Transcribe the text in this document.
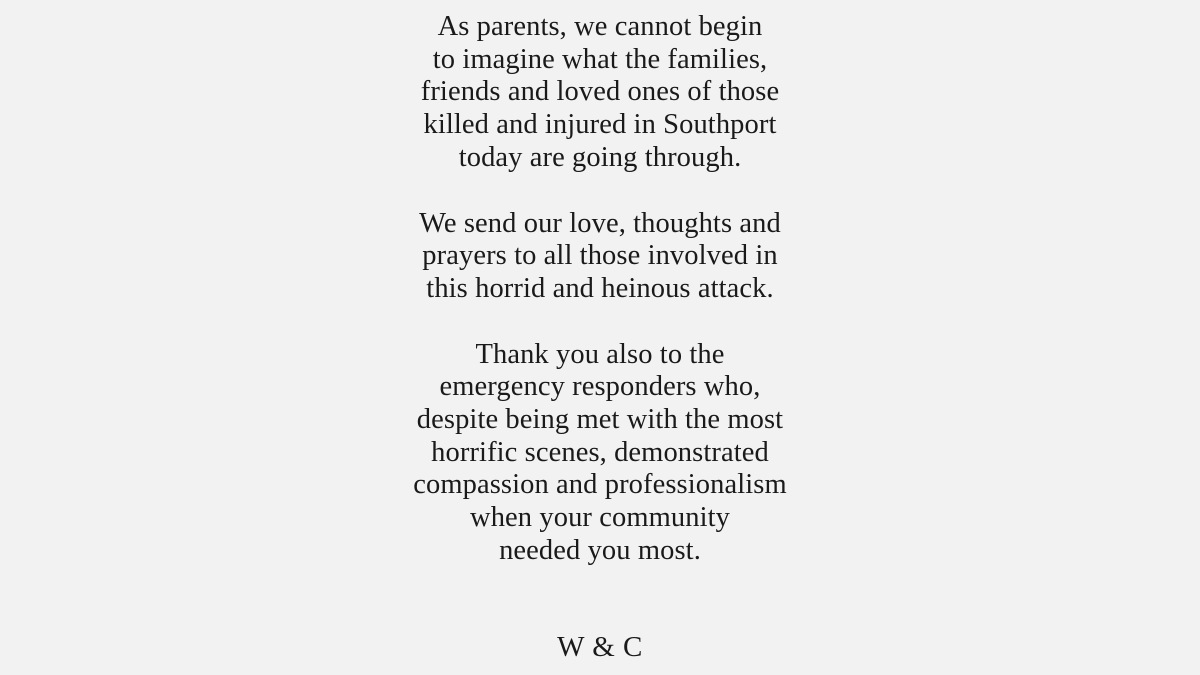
As parents, we cannot begin
to imagine what the families,
friends and loved ones of those
killed and injured in Southport
today are going through.

We send our love, thoughts and
prayers to all those involved in
this horrid and heinous attack.

Thank you also to the
emergency responders who,
despite being met with the most
horrific scenes, demonstrated
compassion and professionalism
when your community
needed you most.

W & C
